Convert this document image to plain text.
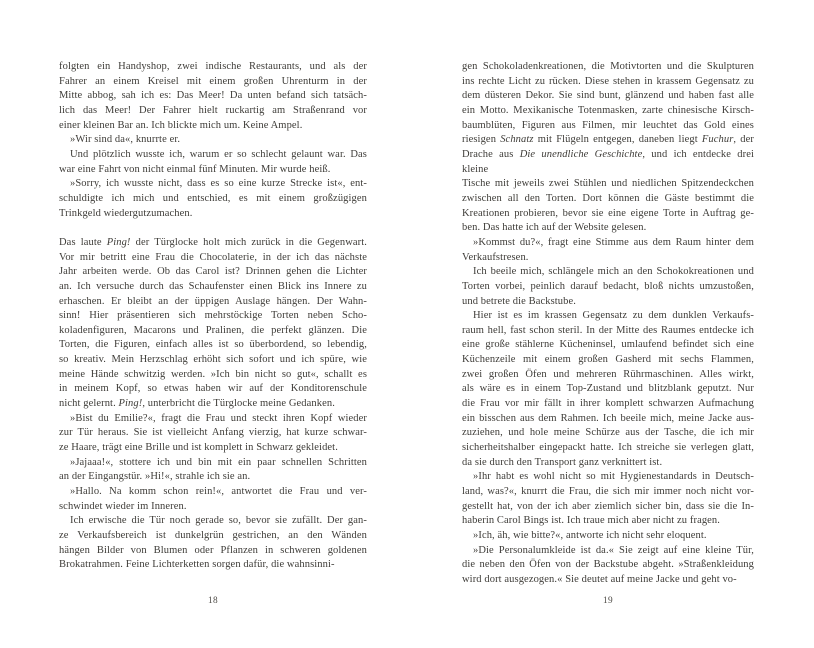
folgten ein Handyshop, zwei indische Restaurants, und als der
Fahrer an einem Kreisel mit einem großen Uhrenturm in der
Mitte abbog, sah ich es: Das Meer! Da unten befand sich tatsäch-
lich das Meer! Der Fahrer hielt ruckartig am Straßenrand vor
einer kleinen Bar an. Ich blickte mich um. Keine Ampel.
»Wir sind da«, knurrte er.
Und plötzlich wusste ich, warum er so schlecht gelaunt war. Das
war eine Fahrt von nicht einmal fünf Minuten. Mir wurde heiß.
»Sorry, ich wusste nicht, dass es so eine kurze Strecke ist«, ent-
schuldigte ich mich und entschied, es mit einem großzügigen
Trinkgeld wiedergutzumachen.
Das laute Ping! der Türglocke holt mich zurück in die Gegenwart.
Vor mir betritt eine Frau die Chocolaterie, in der ich das nächste
Jahr arbeiten werde. Ob das Carol ist? Drinnen gehen die Lichter
an. Ich versuche durch das Schaufenster einen Blick ins Innere zu
erhaschen. Er bleibt an der üppigen Auslage hängen. Der Wahn-
sinn! Hier präsentieren sich mehrstöckige Torten neben Scho-
koladenfiguren, Macarons und Pralinen, die perfekt glänzen. Die
Torten, die Figuren, einfach alles ist so überbordend, so lebendig,
so kreativ. Mein Herzschlag erhöht sich sofort und ich spüre, wie
meine Hände schwitzig werden. »Ich bin nicht so gut«, schallt es
in meinem Kopf, so etwas haben wir auf der Konditorenschule
nicht gelernt. Ping!, unterbricht die Türglocke meine Gedanken.
»Bist du Emilie?«, fragt die Frau und steckt ihren Kopf wieder
zur Tür heraus. Sie ist vielleicht Anfang vierzig, hat kurze schwar-
ze Haare, trägt eine Brille und ist komplett in Schwarz gekleidet.
»Jajaaa!«, stottere ich und bin mit ein paar schnellen Schritten
an der Eingangstür. »Hi!«, strahle ich sie an.
»Hallo. Na komm schon rein!«, antwortet die Frau und ver-
schwindet wieder im Inneren.
Ich erwische die Tür noch gerade so, bevor sie zufällt. Der gan-
ze Verkaufsbereich ist dunkelgrün gestrichen, an den Wänden
hängen Bilder von Blumen oder Pflanzen in schweren goldenen
Brokatrahmen. Feine Lichterketten sorgen dafür, die wahnsinni-
18
gen Schokoladenkreationen, die Motivtorten und die Skulpturen
ins rechte Licht zu rücken. Diese stehen in krassem Gegensatz zu
dem düsteren Dekor. Sie sind bunt, glänzend und haben fast alle
ein Motto. Mexikanische Totenmasken, zarte chinesische Kirsch-
baumblüten, Figuren aus Filmen, mir leuchtet das Gold eines
riesigen Schnatz mit Flügeln entgegen, daneben liegt Fuchur, der
Drache aus Die unendliche Geschichte, und ich entdecke drei kleine
Tische mit jeweils zwei Stühlen und niedlichen Spitzendeckchen
zwischen all den Torten. Dort können die Gäste bestimmt die
Kreationen probieren, bevor sie eine eigene Torte in Auftrag ge-
ben. Das hatte ich auf der Website gelesen.
»Kommst du?«, fragt eine Stimme aus dem Raum hinter dem
Verkaufstresen.
Ich beeile mich, schlängele mich an den Schokokreationen und
Torten vorbei, peinlich darauf bedacht, bloß nichts umzustoßen,
und betrete die Backstube.
Hier ist es im krassen Gegensatz zu dem dunklen Verkaufs-
raum hell, fast schon steril. In der Mitte des Raumes entdecke ich
eine große stählerne Kücheninsel, umlaufend befindet sich eine
Küchenzeile mit einem großen Gasherd mit sechs Flammen,
zwei großen Öfen und mehreren Rührmaschinen. Alles wirkt,
als wäre es in einem Top-Zustand und blitzblank geputzt. Nur
die Frau vor mir fällt in ihrer komplett schwarzen Aufmachung
ein bisschen aus dem Rahmen. Ich beeile mich, meine Jacke aus-
zuziehen, und hole meine Schürze aus der Tasche, die ich mir
sicherheitshalber eingepackt hatte. Ich streiche sie verlegen glatt,
da sie durch den Transport ganz verknittert ist.
»Ihr habt es wohl nicht so mit Hygienestandards in Deutsch-
land, was?«, knurrt die Frau, die sich mir immer noch nicht vor-
gestellt hat, von der ich aber ziemlich sicher bin, dass sie die In-
haberin Carol Bings ist. Ich traue mich aber nicht zu fragen.
»Ich, äh, wie bitte?«, antworte ich nicht sehr eloquent.
»Die Personalumkleide ist da.« Sie zeigt auf eine kleine Tür,
die neben den Öfen von der Backstube abgeht. »Straßenkleidung
wird dort ausgezogen.« Sie deutet auf meine Jacke und geht vo-
19
